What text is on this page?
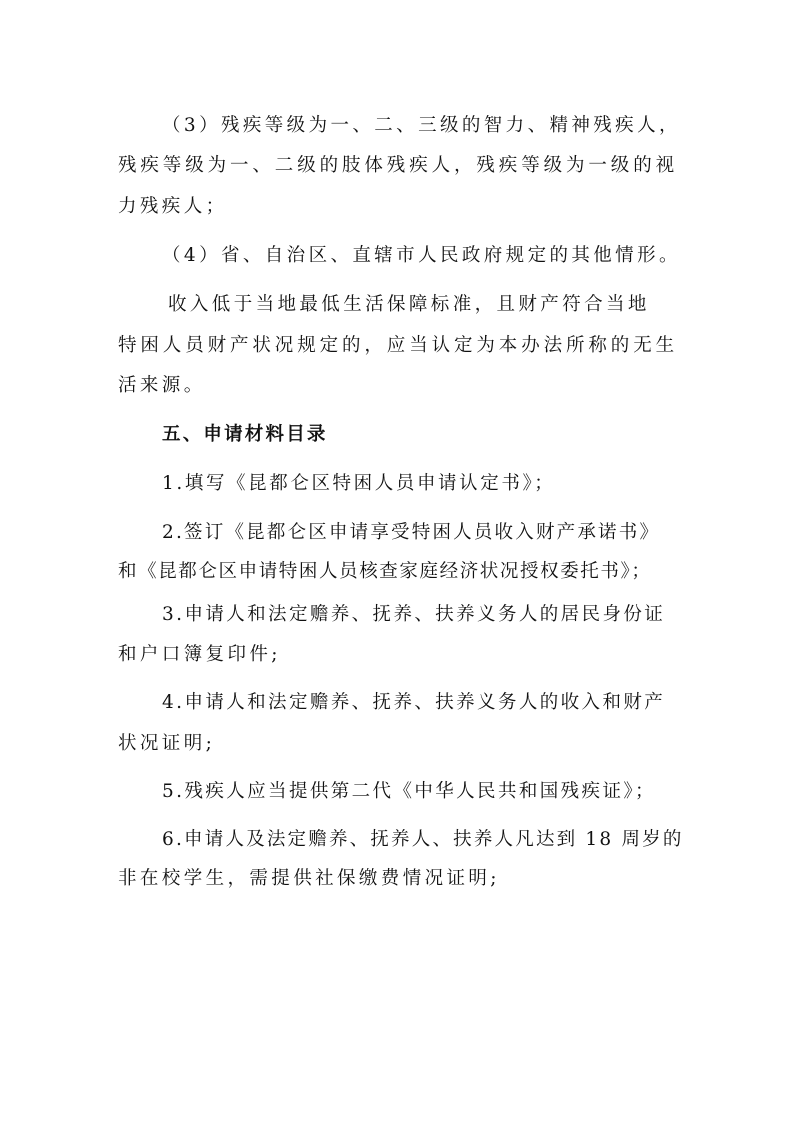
（3）残疾等级为一、二、三级的智力、精神残疾人，
残疾等级为一、二级的肢体残疾人，残疾等级为一级的视
力残疾人；
（4）省、自治区、直辖市人民政府规定的其他情形。
收入低于当地最低生活保障标准，且财产符合当地
特困人员财产状况规定的，应当认定为本办法所称的无生
活来源。
五、申请材料目录
1.填写《昆都仑区特困人员申请认定书》；
2.签订《昆都仑区申请享受特困人员收入财产承诺书》
和《昆都仑区申请特困人员核查家庭经济状况授权委托书》；
3.申请人和法定赡养、抚养、扶养义务人的居民身份证
和户口簿复印件;
4.申请人和法定赡养、抚养、扶养义务人的收入和财产
状况证明;
5.残疾人应当提供第二代《中华人民共和国残疾证》；
6.申请人及法定赡养、抚养人、扶养人凡达到 18 周岁的
非在校学生，需提供社保缴费情况证明;
